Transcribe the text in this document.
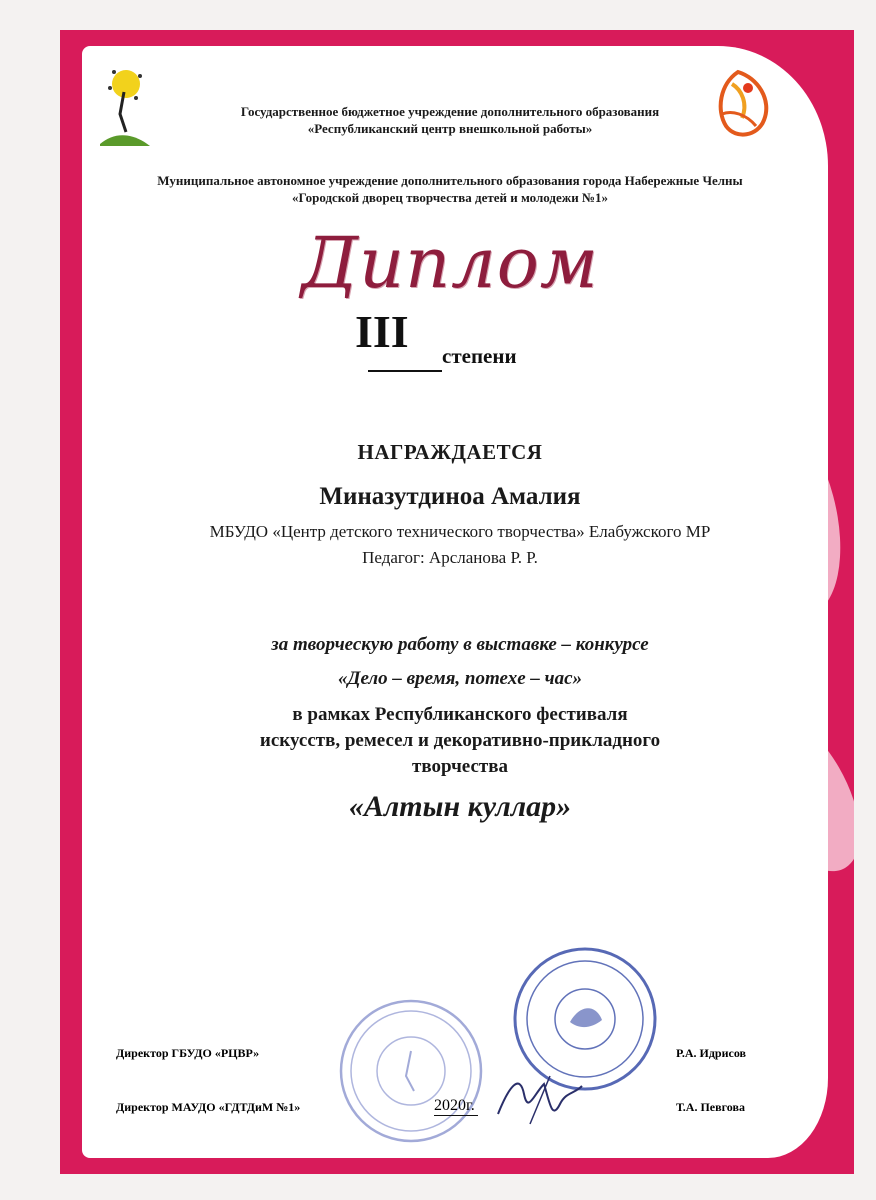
Государственное бюджетное учреждение дополнительного образования
«Республиканский центр внешкольной работы»
Муниципальное автономное учреждение дополнительного образования города Набережные Челны
«Городской дворец творчества детей и молодежи №1»
Диплом
III степени
НАГРАЖДАЕТСЯ
Миназутдиноа Амалия
МБУДО «Центр детского технического творчества» Елабужского МР
Педагог: Арсланова Р. Р.
за творческую работу в выставке – конкурсе
«Дело – время, потехе – час»
в рамках Республиканского фестиваля
искусств, ремесел и декоративно-прикладного
творчества
«Алтын куллар»
Директор ГБУДО «РЦВР»	Р.А. Идрисов
Директор МАУДО «ГДТДиМ №1»	Т.А. Певгова
2020г.
